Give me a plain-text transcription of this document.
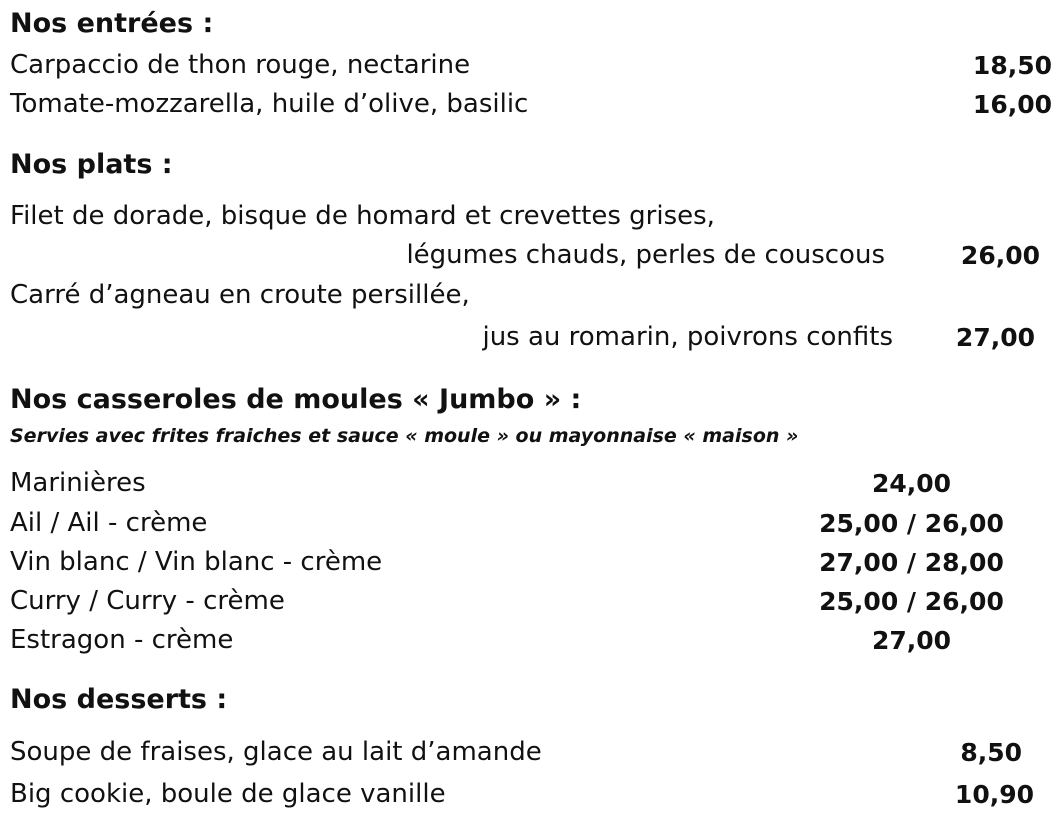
Nos entrées :
Carpaccio de thon rouge, nectarine	18,50
Tomate-mozzarella, huile d’olive, basilic	16,00
Nos plats :
Filet de dorade, bisque de homard et crevettes grises,
légumes chauds, perles de couscous	26,00
Carré d’agneau en croute persillée,
jus au romarin, poivrons confits	27,00
Nos casseroles de moules « Jumbo » :
Servies avec frites fraiches et sauce « moule » ou mayonnaise « maison »
Marinières	24,00
Ail / Ail - crème	25,00 / 26,00
Vin blanc / Vin blanc - crème	27,00 / 28,00
Curry / Curry - crème	25,00 / 26,00
Estragon - crème	27,00
Nos desserts :
Soupe de fraises, glace au lait d’amande	8,50
Big cookie, boule de glace vanille	10,90
